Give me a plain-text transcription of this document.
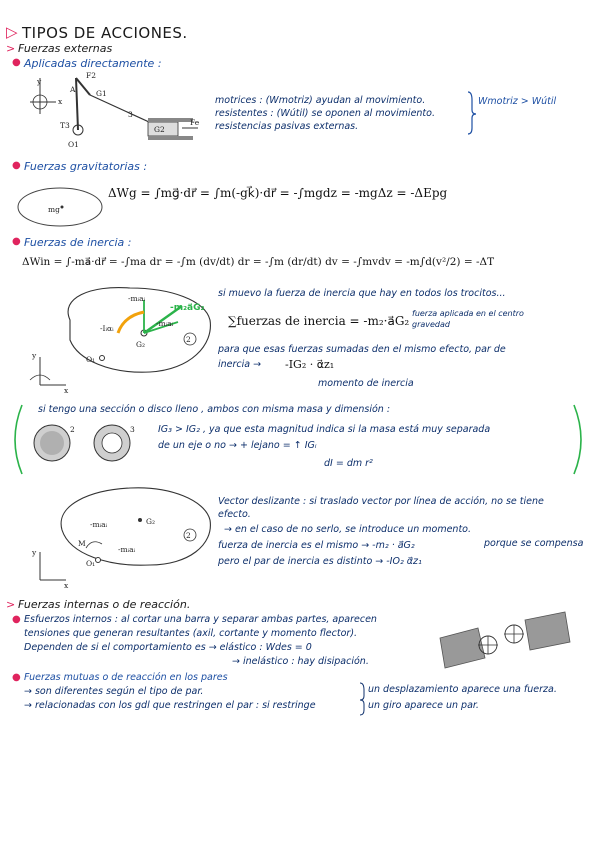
▷ TIPOS DE ACCIONES.
> Fuerzas externas
● Aplicadas directamente :
y
x
F2
A	G1
3
T3
O1
G2
Fe
mg
2
-mᵢaᵢ
-Iᵢαᵢ
-mᵢaᵢ
G₂
O₁
y
x
-m₂a⃗G₂
2	3
2
-mᵢaᵢ	G₂
M
O₁
-mᵢaᵢ
y
x
motrices : (Wmotriz) ayudan al movimiento.
resistentes : (Wútil) se oponen al movimiento.
resistencias pasivas externas.
Wmotriz > Wútil
● Fuerzas gravitatorias :
ΔWg = ∫mg⃗·dr⃗ = ∫m(-gk⃗)·dr⃗ = -∫mgdz = -mgΔz = -ΔEpg
● Fuerzas de inercia :
ΔWin = ∫-ma⃗·dr⃗ = -∫ma dr = -∫m (dv/dt) dr = -∫m (dr/dt) dv = -∫mvdv = -m∫d(v²/2) = -ΔT
si muevo la fuerza de inercia que hay en todos los trocitos...
∑fuerzas de inercia = -m₂·a⃗G₂
fuerza aplicada en el centro gravedad
para que esas fuerzas sumadas den el mismo efecto, par de
inercia → -IG₂ · α⃗z₁
momento de inercia
si tengo una sección o disco lleno , ambos con misma masa y dimensión :
IG₃ > IG₂ , ya que esta magnitud indica si la masa está muy separada
de un eje o no → + lejano = ↑ IGᵢ
dI = dm r²
Vector deslizante : si traslado vector por línea de acción, no se tiene
efecto.
→ en el caso de no serlo, se introduce un momento.
fuerza de inercia es el mismo → -m₂ · a⃗G₂	porque se compensa
pero el par de inercia es distinto → -IO₂ α⃗z₁
> Fuerzas internas o de reacción.
● Esfuerzos internos : al cortar una barra y separar ambas partes, aparecen
tensiones que generan resultantes (axil, cortante y momento flector).
Dependen de si el comportamiento es → elástico : Wdes = 0
→ inelástico : hay disipación.
● Fuerzas mutuas o de reacción en los pares
→ son diferentes según el tipo de par.
→ relacionadas con los gdl que restringen el par : si restringe
un desplazamiento aparece una fuerza.
un giro aparece un par.
